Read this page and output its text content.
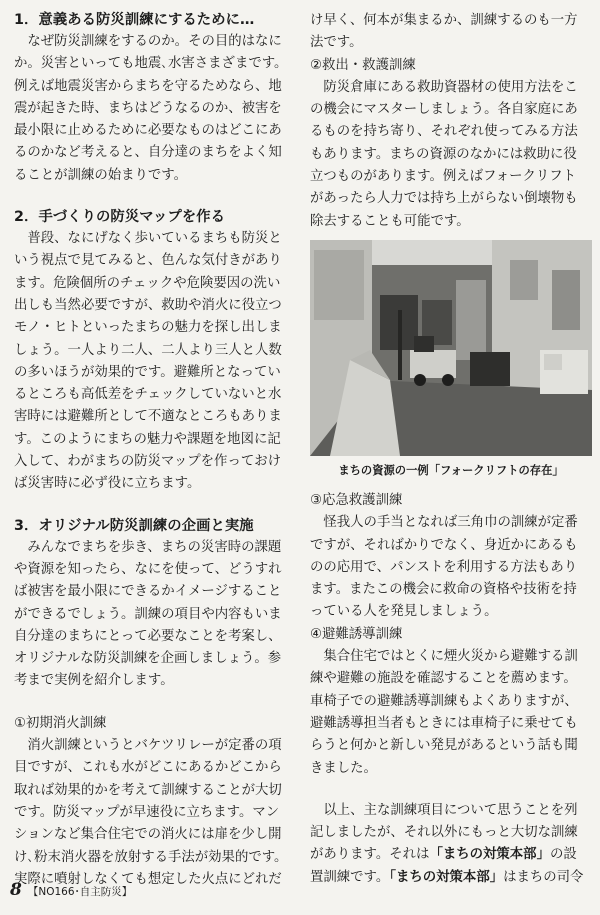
1．意義ある防災訓練にするために…
　なぜ防災訓練をするのか。その目的はなに
か。災害といっても地震､水害さまざまです。
例えば地震災害からまちを守るためなら、地
震が起きた時、まちはどうなるのか、被害を
最小限に止めるために必要なものはどこにあ
るのかなど考えると、自分達のまちをよく知
ることが訓練の始まりです。
2．手づくりの防災マップを作る
　普段、なにげなく歩いているまちも防災と
いう視点で見てみると、色んな気付きがあり
ます。危険個所のチェックや危険要因の洗い
出しも当然必要ですが、救助や消火に役立つ
モノ・ヒトといったまちの魅力を探し出しま
しょう。一人より二人、二人より三人と人数
の多いほうが効果的です。避難所となってい
るところも高低差をチェックしていないと水
害時には避難所として不適なところもありま
す。このようにまちの魅力や課題を地図に記
入して、わがまちの防災マップを作っておけ
ば災害時に必ず役に立ちます。
3．オリジナル防災訓練の企画と実施
　みんなでまちを歩き、まちの災害時の課題
や資源を知ったら、なにを使って、どうすれ
ば被害を最小限にできるかイメージすること
ができるでしょう。訓練の項目や内容もいま
自分達のまちにとって必要なことを考案し、
オリジナルな防災訓練を企画しましょう。参
考まで実例を紹介します。

①初期消火訓練

　消火訓練というとバケツリレーが定番の項
目ですが、これも水がどこにあるかどこから
取れば効果的かを考えて訓練することが大切
です。防災マップが早速役に立ちます。マン
ションなど集合住宅での消火には扉を少し開
け､粉末消火器を放射する手法が効果的です。
実際に噴射しなくても想定した火点にどれだ
け早く、何本が集まるか、訓練するのも一方
法です。

②救出・救護訓練

　防災倉庫にある救助資器材の使用方法をこ
の機会にマスターしましょう。各自家庭にあ
るものを持ち寄り、それぞれ使ってみる方法
もあります。まちの資源のなかには救助に役
立つものがあります。例えばフォークリフト
があったら人力では持ち上がらない倒壊物も
除去することも可能です。
まちの資源の一例「フォークリフトの存在」

③応急救護訓練

　怪我人の手当となれば三角巾の訓練が定番
ですが、そればかりでなく、身近かにあるも
のの応用で、パンストを利用する方法もあり
ます。またこの機会に救命の資格や技術を持
っている人を発見しましょう。

④避難誘導訓練

　集合住宅ではとくに煙火災から避難する訓
練や避難の施設を確認することを薦めます。
車椅子での避難誘導訓練もよくありますが、
避難誘導担当者もときには車椅子に乗せても
らうと何かと新しい発見があるという話も聞
きました。
　以上、主な訓練項目について思うことを列
記しましたが、それ以外にもっと大切な訓練
があります。それは「まちの対策本部」の設
置訓練です。「まちの対策本部」はまちの司令
8 【NO166･自主防災】
